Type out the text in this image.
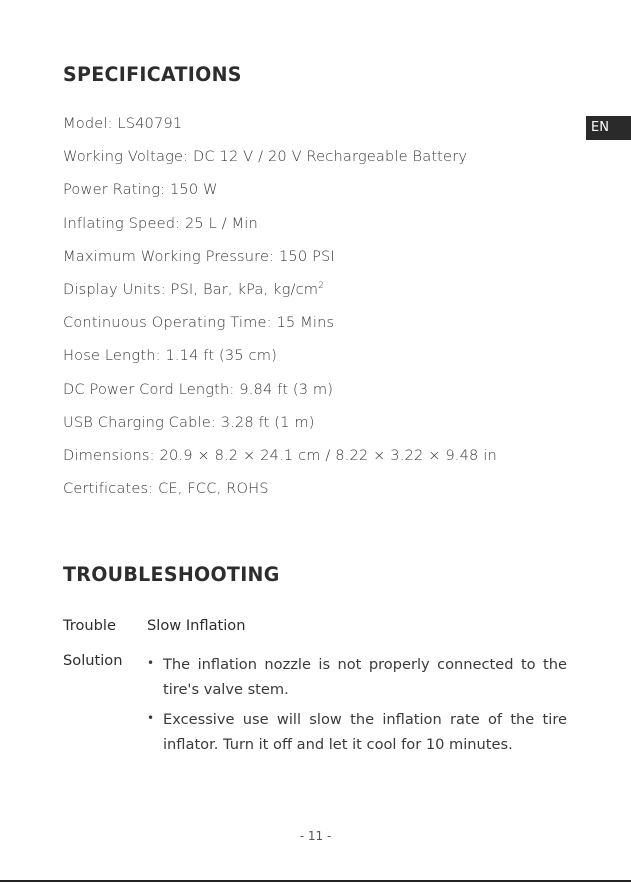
SPECIFICATIONS
EN
Model: LS40791
Working Voltage: DC 12 V / 20 V Rechargeable Battery
Power Rating: 150 W
Inflating Speed: 25 L / Min
Maximum Working Pressure: 150 PSI
Display Units: PSI, Bar, kPa, $kg/cm^2$
Continuous Operating Time: 15 Mins
Hose Length: 1.14 ft (35 cm)
DC Power Cord Length: 9.84 ft (3 m)
USB Charging Cable: 3.28 ft (1 m)
Dimensions: 20.9 × 8.2 × 24.1 cm / 8.22 × 3.22 × 9.48 in
Certificates: CE, FCC, ROHS
TROUBLESHOOTING
Trouble Slow Inflation
Solution • The inflation nozzle is not properly connected to the tire's valve stem.
• Excessive use will slow the inflation rate of the tire inflator. Turn it off and let it cool for 10 minutes.
- 11 -
